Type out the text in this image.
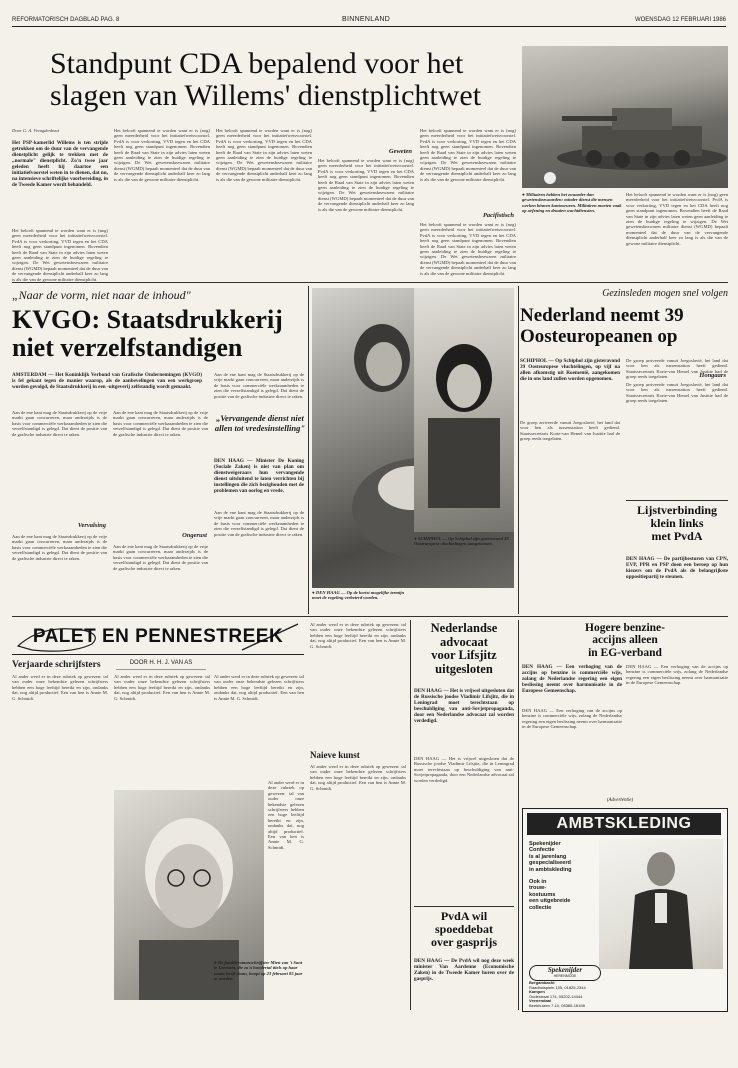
REFORMATORISCH DAGBLAD PAG. 8	BINNENLAND	WOENSDAG 12 FEBRUARI 1986
Standpunt CDA bepalend voor het
slagen van Willems' dienstplichtwet
Door G. A. Vreugdenhout
Het PSP-kamerlid Willems is ten strijde getrokken om de duur van de vervangende dienstplicht gelijk te trekken met de „normale" dienstplicht. Zo'n twee jaar geleden heeft hij daartoe een initiatiefvoorstel weten in te dienen, dat nu, na intensieve schriftelijke voorbereiding, in de Tweede Kamer wordt behandeld.
Het belooft spannend te worden want er is (nog) geen meerderheid voor het initiatiefwetsvoorstel. PvdA is voor verkorting, VVD tegen en het CDA heeft nog geen standpunt ingenomen. Bovendien heeft de Raad van State in zijn advies laten weten geen aanleiding te zien de huidige regeling te wijzigen. De Wet gewetensbezwaren militaire dienst (WGMD) bepaalt momenteel dat de duur van de vervangende dienstplicht anderhalf keer zo lang is als die van de gewone militaire dienstplicht.
Het belooft spannend te worden want er is (nog) geen meerderheid voor het initiatiefwetsvoorstel. PvdA is voor verkorting, VVD tegen en het CDA heeft nog geen standpunt ingenomen. Bovendien heeft de Raad van State in zijn advies laten weten geen aanleiding te zien de huidige regeling te wijzigen. De Wet gewetensbezwaren militaire dienst (WGMD) bepaalt momenteel dat de duur van de vervangende dienstplicht anderhalf keer zo lang is als die van de gewone militaire dienstplicht.
Het belooft spannend te worden want er is (nog) geen meerderheid voor het initiatiefwetsvoorstel. PvdA is voor verkorting, VVD tegen en het CDA heeft nog geen standpunt ingenomen. Bovendien heeft de Raad van State in zijn advies laten weten geen aanleiding te zien de huidige regeling te wijzigen. De Wet gewetensbezwaren militaire dienst (WGMD) bepaalt momenteel dat de duur van de vervangende dienstplicht anderhalf keer zo lang is als die van de gewone militaire dienstplicht.
Geweten
Het belooft spannend te worden want er is (nog) geen meerderheid voor het initiatiefwetsvoorstel. PvdA is voor verkorting, VVD tegen en het CDA heeft nog geen standpunt ingenomen. Bovendien heeft de Raad van State in zijn advies laten weten geen aanleiding te zien de huidige regeling te wijzigen. De Wet gewetensbezwaren militaire dienst (WGMD) bepaalt momenteel dat de duur van de vervangende dienstplicht anderhalf keer zo lang is als die van de gewone militaire dienstplicht.
Pacifistisch
Het belooft spannend te worden want er is (nog) geen meerderheid voor het initiatiefwetsvoorstel. PvdA is voor verkorting, VVD tegen en het CDA heeft nog geen standpunt ingenomen. Bovendien heeft de Raad van State in zijn advies laten weten geen aanleiding te zien de huidige regeling te wijzigen. De Wet gewetensbezwaren militaire dienst (WGMD) bepaalt momenteel dat de duur van de vervangende dienstplicht anderhalf keer zo lang is als die van de gewone militaire dienstplicht.
Het belooft spannend te worden want er is (nog) geen meerderheid voor het initiatiefwetsvoorstel. PvdA is voor verkorting, VVD tegen en het CDA heeft nog geen standpunt ingenomen. Bovendien heeft de Raad van State in zijn advies laten weten geen aanleiding te zien de huidige regeling te wijzigen. De Wet gewetensbezwaren militaire dienst (WGMD) bepaalt momenteel dat de duur van de vervangende dienstplicht anderhalf keer zo lang is als die van de gewone militaire dienstplicht.
● Militairen hebben het zwaarder dan gewetensbezwaarden: minder dienst die mensen werken binnen kantooruren. Militairen moeten vaak op oefening en draaien wachtdiensten.
Het belooft spannend te worden want er is (nog) geen meerderheid voor het initiatiefwetsvoorstel. PvdA is voor verkorting, VVD tegen en het CDA heeft nog geen standpunt ingenomen. Bovendien heeft de Raad van State in zijn advies laten weten geen aanleiding te zien de huidige regeling te wijzigen. De Wet gewetensbezwaren militaire dienst (WGMD) bepaalt momenteel dat de duur van de vervangende dienstplicht anderhalf keer zo lang is als die van de gewone militaire dienstplicht.
„Naar de vorm, niet naar de inhoud"
KVGO: Staatsdrukkerij
niet verzelfstandigen
AMSTERDAM — Het Koninklijk Verbond van Grafische Ondernemingen (KVGO) is fel gekant tegen de manier waarop, als de aanbevelingen van een werkgroep worden gevolgd, de Staatsdrukkerij in een -uitgeverij zelfstandig wordt gemaakt.
Aan de ene kant mag de Staatsdrukkerij op de vrije markt gaan concurreren, maar anderzijds is de basis voor commerciële werkzaamheden te zien die verzelfstandigd is gelegd. Dat dient de positie van de grafische industrie direct te raken.
Vervalsing
Aan de ene kant mag de Staatsdrukkerij op de vrije markt gaan concurreren, maar anderzijds is de basis voor commerciële werkzaamheden te zien die verzelfstandigd is gelegd. Dat dient de positie van de grafische industrie direct te raken.
Aan de ene kant mag de Staatsdrukkerij op de vrije markt gaan concurreren, maar anderzijds is de basis voor commerciële werkzaamheden te zien die verzelfstandigd is gelegd. Dat dient de positie van de grafische industrie direct te raken.
Ongerust
Aan de ene kant mag de Staatsdrukkerij op de vrije markt gaan concurreren, maar anderzijds is de basis voor commerciële werkzaamheden te zien die verzelfstandigd is gelegd. Dat dient de positie van de grafische industrie direct te raken.
Aan de ene kant mag de Staatsdrukkerij op de vrije markt gaan concurreren, maar anderzijds is de basis voor commerciële werkzaamheden te zien die verzelfstandigd is gelegd. Dat dient de positie van de grafische industrie direct te raken.
„Vervangende dienst niet allen tot vredesinstelling"
DEN HAAG — Minister De Koning (Sociale Zaken) is niet van plan om dienstweigeraars hun vervangende dienst uitsluitend te laten verrichten bij instellingen die zich bezighouden met de problemen van oorlog en vrede.
Aan de ene kant mag de Staatsdrukkerij op de vrije markt gaan concurreren, maar anderzijds is de basis voor commerciële werkzaamheden te zien die verzelfstandigd is gelegd. Dat dient de positie van de grafische industrie direct te raken.
● DEN HAAG — Op de kortst mogelijke termijn moet de regeling verbeterd worden.
● SCHIPHOL — Op Schiphol zijn gisteravond 39 Oosteuropese vluchtelingen aangekomen.
Gezinsleden mogen snel volgen
Nederland neemt 39
Oosteuropeanen op
SCHIPHOL — Op Schiphol zijn gisteravond 39 Oosteuropese vluchtelingen, op vijf na allen afkomstig uit Roemenië, aangekomen die in ons land zullen worden opgenomen.
De groep arriveerde vanuit Joegoslavië, het land dat voor hen als tussenstation heeft gediend. Staatssecretaris Korte-van Hemel van Justitie had de groep reeds toegelaten.
De groep arriveerde vanuit Joegoslavië, het land dat voor hen als tussenstation heeft gediend. Staatssecretaris Korte-van Hemel van Justitie had de groep reeds toegelaten.	Hongaars
De groep arriveerde vanuit Joegoslavië, het land dat voor hen als tussenstation heeft gediend. Staatssecretaris Korte-van Hemel van Justitie had de groep reeds toegelaten.
Lijstverbinding
klein links
met PvdA
DEN HAAG — De partijbesturen van CPN, EVP, PPR en PSP doen een beroep op hun kiezers om de PvdA als de belangrijkste oppositiepartij te steunen.
PALET EN PENNESTREEK
Verjaarde schrijfsters
Al ander werd er in deze rubriek op gewezen: tal van ouder onze bekendste gelezen schrijfsters hebben een hoge leeftijd bereikt en zijn, ondanks dat, nog altijd productief. Een van hen is Annie M. G. Schmidt.
DOOR H. H. J. VAN AS
Al ander werd er in deze rubriek op gewezen: tal van ouder onze bekendste gelezen schrijfsters hebben een hoge leeftijd bereikt en zijn, ondanks dat, nog altijd productief. Een van hen is Annie M. G. Schmidt.
● De familieromanschrijfster Mien van 't Sant te Leersum, die zo'n hondertal titels op haar naam heeft staan, hoopt op 23 februari 85 jaar te worden.
Al ander werd er in deze rubriek op gewezen: tal van ouder onze bekendste gelezen schrijfsters hebben een hoge leeftijd bereikt en zijn, ondanks dat, nog altijd productief. Een van hen is Annie M. G. Schmidt.
Al ander werd er in deze rubriek op gewezen: tal van ouder onze bekendste gelezen schrijfsters hebben een hoge leeftijd bereikt en zijn, ondanks dat, nog altijd productief. Een van hen is Annie M. G. Schmidt.
Al ander werd er in deze rubriek op gewezen: tal van ouder onze bekendste gelezen schrijfsters hebben een hoge leeftijd bereikt en zijn, ondanks dat, nog altijd productief. Een van hen is Annie M. G. Schmidt.
Naieve kunst
Al ander werd er in deze rubriek op gewezen: tal van ouder onze bekendste gelezen schrijfsters hebben een hoge leeftijd bereikt en zijn, ondanks dat, nog altijd productief. Een van hen is Annie M. G. Schmidt.
Nederlandse
advocaat
voor Lifsjitz
uitgesloten
DEN HAAG — Het is vrijwel uitgesloten dat de Russische joodse Vladimir Lifsjitz, die in Leningrad moet terechtstaan op beschuldiging van anti-Sovjetpropaganda, door een Nederlandse advocaat zal worden verdedigd.
DEN HAAG — Het is vrijwel uitgesloten dat de Russische joodse Vladimir Lifsjitz, die in Leningrad moet terechtstaan op beschuldiging van anti-Sovjetpropaganda, door een Nederlandse advocaat zal worden verdedigd.
PvdA wil
spoeddebat
over gasprijs
DEN HAAG — De PvdA wil nog deze week minister Van Aardenne (Economische Zaken) in de Tweede Kamer horen over de gasprijs.
Hogere benzine-
accijns alleen
in EG-verband
DEN HAAG — Een verhoging van de accijns op benzine is commerciële wijs, zolang de Nederlandse regering een eigen beslissing neemt over harmonisatie in de Europese Gemeenschap.
DEN HAAG — Een verhoging van de accijns op benzine is commerciële wijs, zolang de Nederlandse regering een eigen beslissing neemt over harmonisatie in de Europese Gemeenschap.
DEN HAAG — Een verhoging van de accijns op benzine is commerciële wijs, zolang de Nederlandse regering een eigen beslissing neemt over harmonisatie in de Europese Gemeenschap.
(Advertentie)
AMBTSKLEDING
Spekenijder
Confectie
is al jarenlang
gespecialiseerd
in ambtskleding
Ook in
trouw-
kostuums
een uitgebreide
collectie
Spekenijder
HERENMODE
Bergambacht
Raadhuisplein 105, 01825-2344
Kampen
Oudestraat 174, 05202-14444
Veenendaal
Beekhuizen 7-10, 08385-16158
